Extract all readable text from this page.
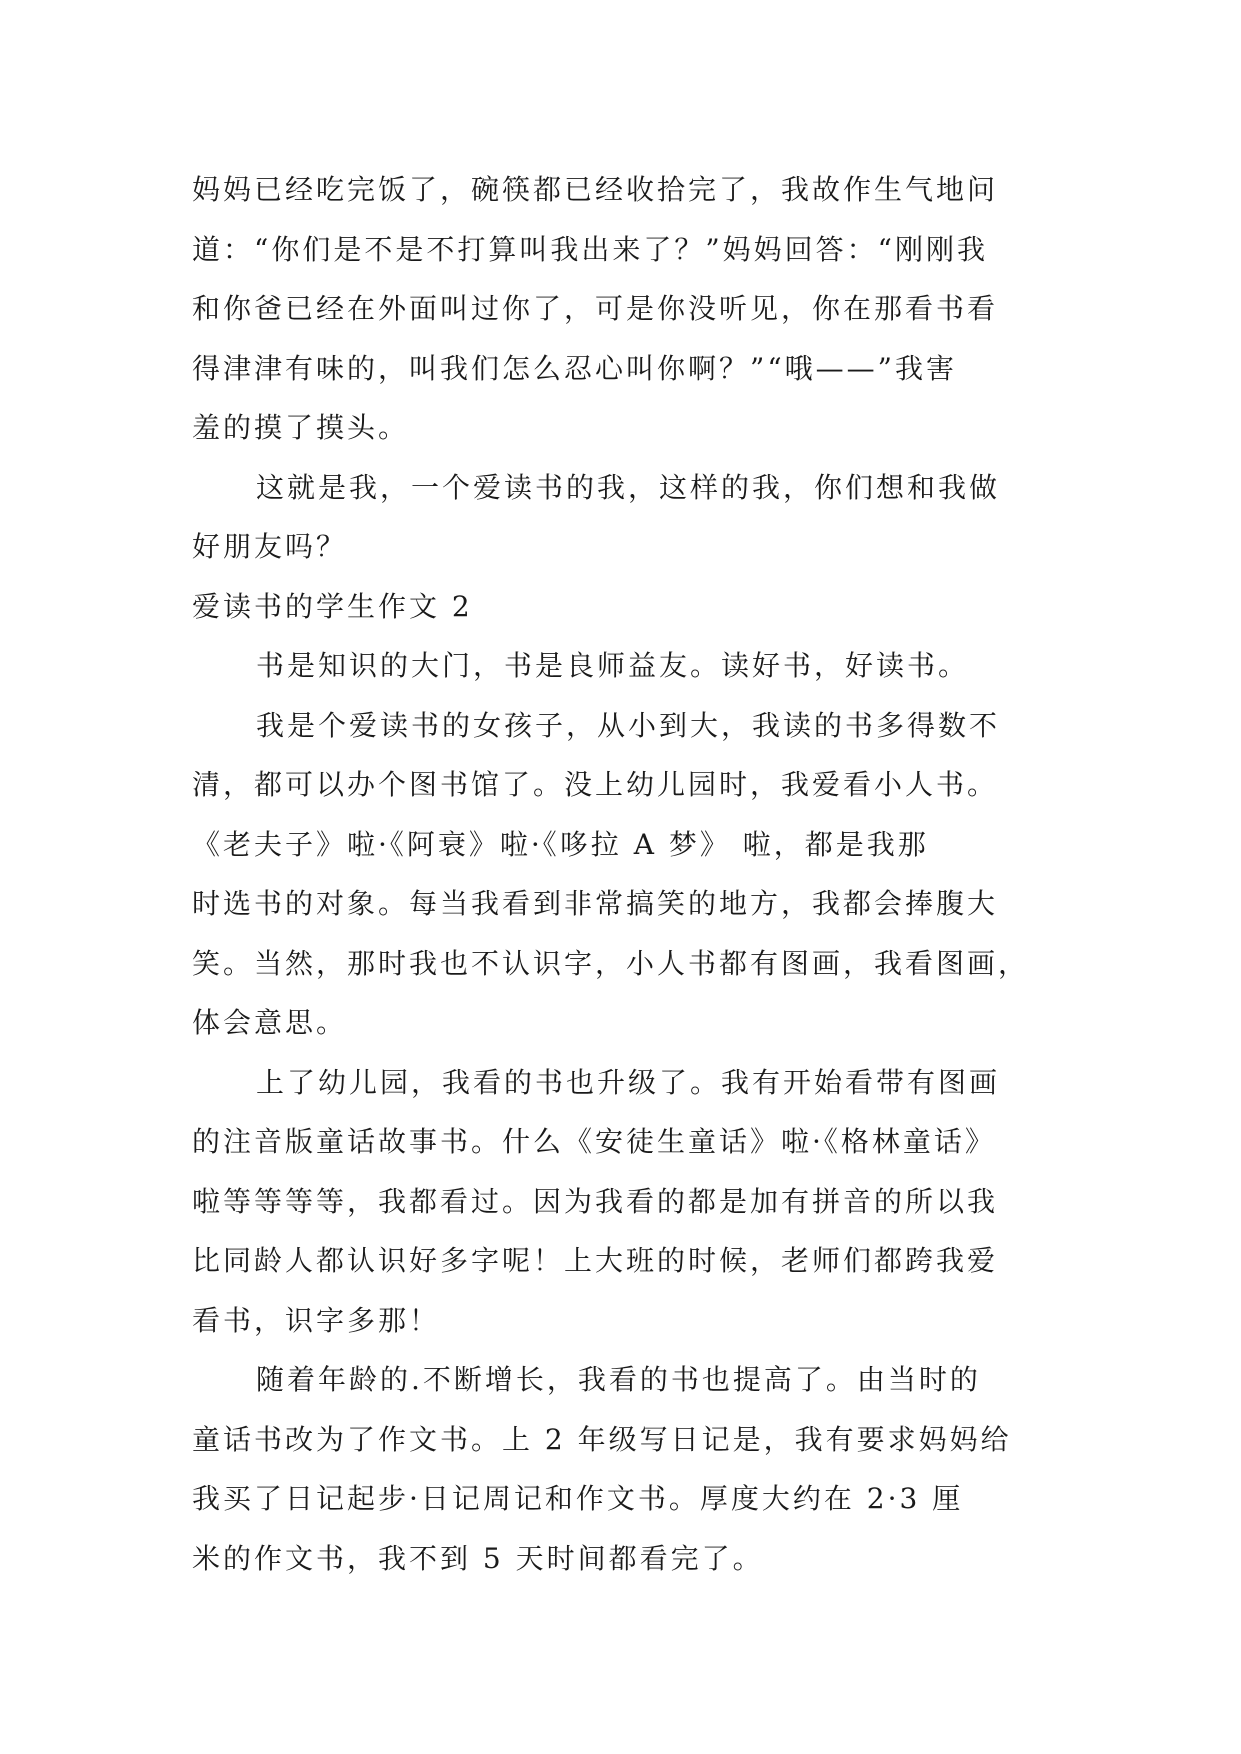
妈妈已经吃完饭了，碗筷都已经收拾完了，我故作生气地问
道：“你们是不是不打算叫我出来了？”妈妈回答：“刚刚我
和你爸已经在外面叫过你了，可是你没听见，你在那看书看
得津津有味的，叫我们怎么忍心叫你啊？”“哦——”我害
羞的摸了摸头。
这就是我，一个爱读书的我，这样的我，你们想和我做
好朋友吗？
爱读书的学生作文 2
书是知识的大门，书是良师益友。读好书，好读书。
我是个爱读书的女孩子，从小到大，我读的书多得数不
清，都可以办个图书馆了。没上幼儿园时，我爱看小人书。
《老夫子》啦·《阿衰》啦·《哆拉 A 梦》 啦，都是我那
时选书的对象。每当我看到非常搞笑的地方，我都会捧腹大
笑。当然，那时我也不认识字，小人书都有图画，我看图画，
体会意思。
上了幼儿园，我看的书也升级了。我有开始看带有图画
的注音版童话故事书。什么《安徒生童话》啦·《格林童话》
啦等等等等，我都看过。因为我看的都是加有拼音的所以我
比同龄人都认识好多字呢！上大班的时候，老师们都跨我爱
看书，识字多那！
随着年龄的.不断增长，我看的书也提高了。由当时的
童话书改为了作文书。上 2 年级写日记是，我有要求妈妈给
我买了日记起步·日记周记和作文书。厚度大约在 2·3 厘
米的作文书，我不到 5 天时间都看完了。
